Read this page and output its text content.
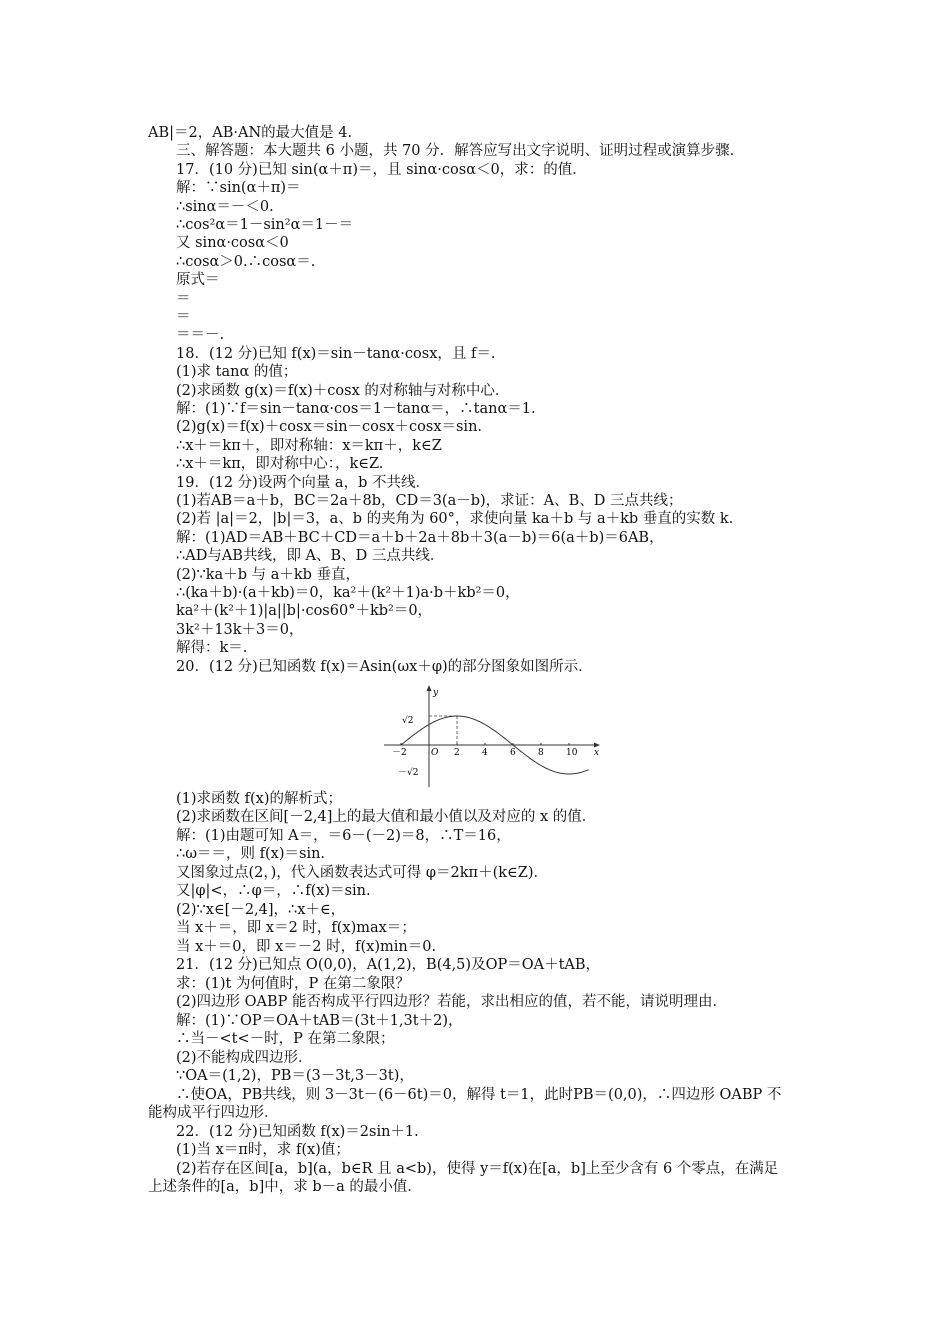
AB|＝2，AB·AN的最大值是 4.
三、解答题：本大题共 6 小题，共 70 分．解答应写出文字说明、证明过程或演算步骤．
17．(10 分)已知 sin(α＋π)＝，且 sinα·cosα＜0，求：的值．
解：∵sin(α＋π)＝
∴sinα＝－＜0.
∴cos²α＝1－sin²α＝1－＝
又 sinα·cosα＜0
∴cosα＞0.∴cosα＝.
原式＝
＝
＝
＝＝－.
18．(12 分)已知 f(x)＝sin－tanα·cosx，且 f＝.
(1)求 tanα 的值；
(2)求函数 g(x)＝f(x)＋cosx 的对称轴与对称中心．
解：(1)∵f＝sin－tanα·cos＝1－tanα＝，∴tanα＝1.
(2)g(x)＝f(x)＋cosx＝sin－cosx＋cosx＝sin.
∴x＋＝kπ＋，即对称轴：x＝kπ＋，k∈Z
∴x＋＝kπ，即对称中心：，k∈Z.
19．(12 分)设两个向量 a，b 不共线．
(1)若AB＝a＋b，BC＝2a＋8b，CD＝3(a－b)，求证：A、B、D 三点共线；
(2)若 |a|＝2，|b|＝3，a、b 的夹角为 60°，求使向量 ka＋b 与 a＋kb 垂直的实数 k.
解：(1)AD＝AB＋BC＋CD＝a＋b＋2a＋8b＋3(a－b)＝6(a＋b)＝6AB，
∴AD与AB共线，即 A、B、D 三点共线．
(2)∵ka＋b 与 a＋kb 垂直，
∴(ka＋b)·(a＋kb)＝0，ka²＋(k²＋1)a·b＋kb²＝0，
ka²＋(k²＋1)|a||b|·cos60°＋kb²＝0，
3k²＋13k＋3＝0，
解得：k＝.
20．(12 分)已知函数 f(x)＝Asin(ωx＋φ)的部分图象如图所示．
(1)求函数 f(x)的解析式；
(2)求函数在区间[－2,4]上的最大值和最小值以及对应的 x 的值．
解：(1)由题可知 A＝，＝6－(－2)＝8，∴T＝16，
∴ω＝＝，则 f(x)＝sin.
又图象过点(2，)，代入函数表达式可得 φ＝2kπ＋(k∈Z)．
又|φ|<，∴φ＝，∴f(x)＝sin.
(2)∵x∈[－2,4]，∴x＋∈，
当 x＋＝，即 x＝2 时，f(x)max＝；
当 x＋＝0，即 x＝－2 时，f(x)min＝0.
21．(12 分)已知点 O(0,0)，A(1,2)，B(4,5)及OP＝OA＋tAB，
求：(1)t 为何值时，P 在第二象限？
(2)四边形 OABP 能否构成平行四边形？若能，求出相应的值，若不能，请说明理由．
解：(1)∵OP＝OA＋tAB＝(3t＋1,3t＋2)，
∴当－<t<－时，P 在第二象限；
(2)不能构成四边形．
∵OA＝(1,2)，PB＝(3－3t,3－3t)，
∴使OA，PB共线，则 3－3t－(6－6t)＝0，解得 t＝1，此时PB＝(0,0)，∴四边形 OABP 不
能构成平行四边形．
22．(12 分)已知函数 f(x)＝2sin＋1.
(1)当 x＝π时，求 f(x)值；
(2)若存在区间[a，b](a，b∈R 且 a<b)，使得 y＝f(x)在[a，b]上至少含有 6 个零点，在满足
上述条件的[a，b]中，求 b－a 的最小值．
y
x
O
－2	2 4 6 8 10
√2
－√2
